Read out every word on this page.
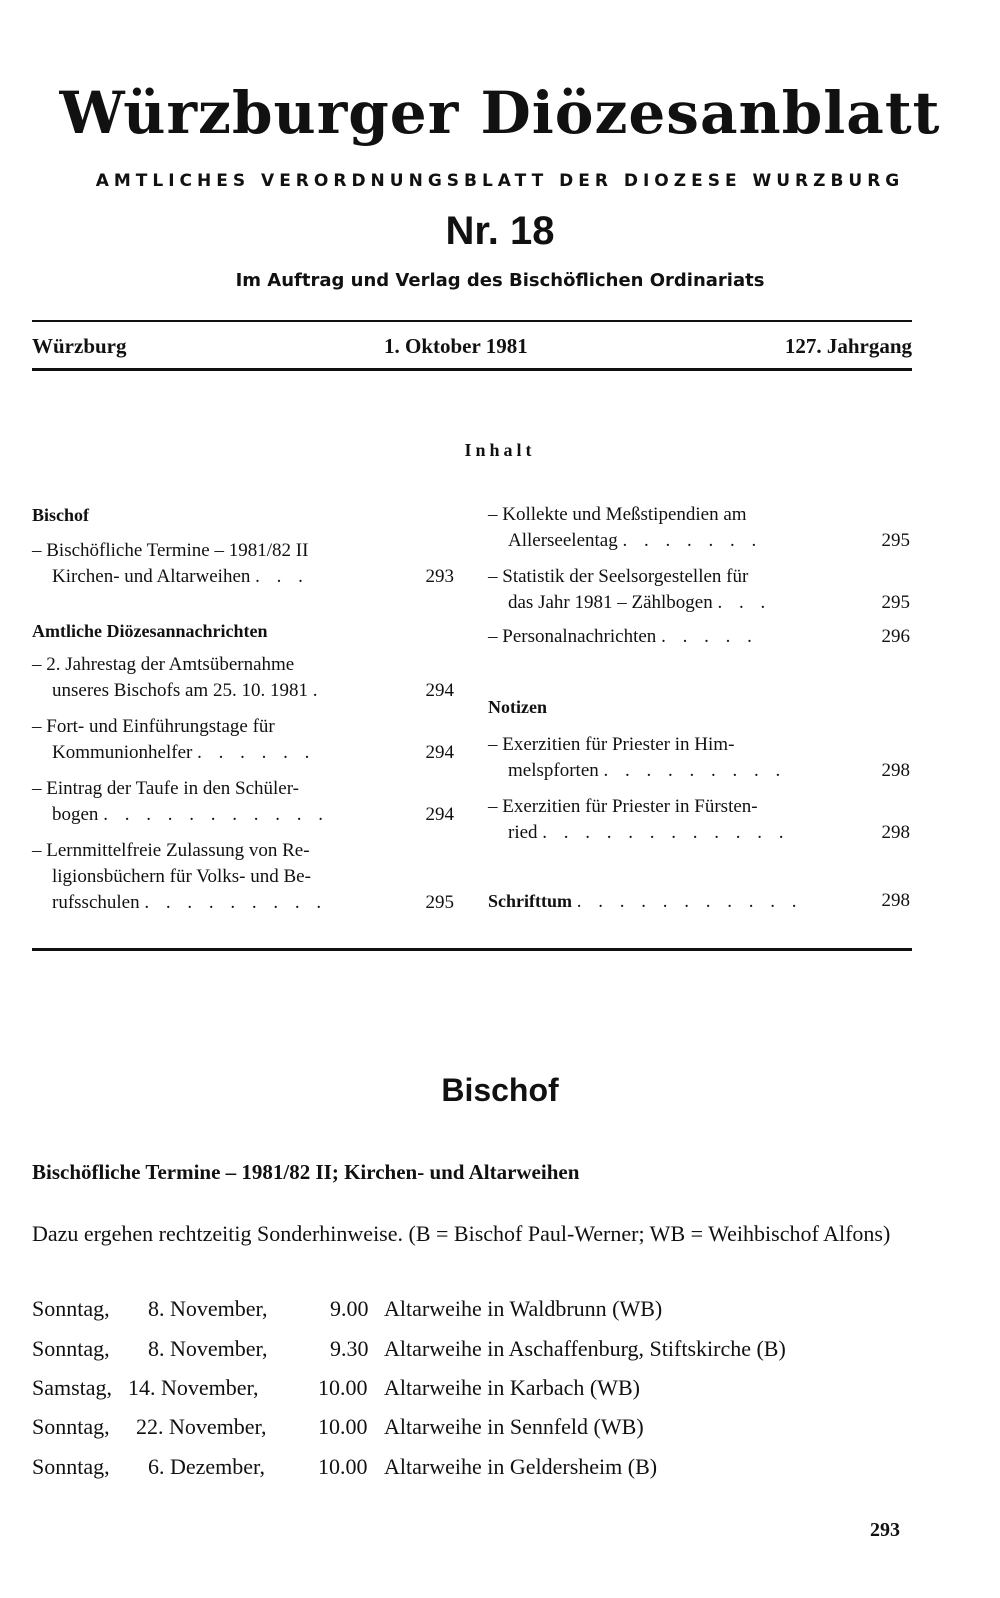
Würzburger Diözesanblatt
AMTLICHES VERORDNUNGSBLATT DER DIOZESE WURZBURG
Nr. 18
Im Auftrag und Verlag des Bischöflichen Ordinariats
Würzburg	1. Oktober 1981	127. Jahrgang
Inhalt
Bischof
– Bischöfliche Termine – 1981/82 II
Kirchen- und Altarweihen . . .	293
Amtliche Diözesannachrichten
– 2. Jahrestag der Amtsübernahme
unseres Bischofs am 25. 10. 1981 .	294
– Fort- und Einführungstage für
Kommunionhelfer . . . . . .	294
– Eintrag der Taufe in den Schüler-
bogen . . . . . . . . . . .	294
– Lernmittelfreie Zulassung von Re-
ligionsbüchern für Volks- und Be-
rufsschulen . . . . . . . . .	295
– Kollekte und Meßstipendien am
Allerseelentag . . . . . . .	295
– Statistik der Seelsorgestellen für
das Jahr 1981 – Zählbogen . . .	295
– Personalnachrichten . . . . .	296
Notizen
– Exerzitien für Priester in Him-
melspforten . . . . . . . . .	298
– Exerzitien für Priester in Fürsten-
ried . . . . . . . . . . . .	298
Schrifttum . . . . . . . . . . .	298
Bischof
Bischöfliche Termine – 1981/82 II; Kirchen- und Altarweihen
Dazu ergehen rechtzeitig Sonderhinweise. (B = Bischof Paul-Werner; WB = Weihbischof Alfons)
Sonntag, 8. November,	9.00 Altarweihe in Waldbrunn (WB)
Sonntag, 8. November,	9.30 Altarweihe in Aschaffenburg, Stiftskirche (B)
Samstag, 14. November,	10.00 Altarweihe in Karbach (WB)
Sonntag, 22. November, 10.00 Altarweihe in Sennfeld (WB)
Sonntag, 6. Dezember, 10.00 Altarweihe in Geldersheim (B)
293
